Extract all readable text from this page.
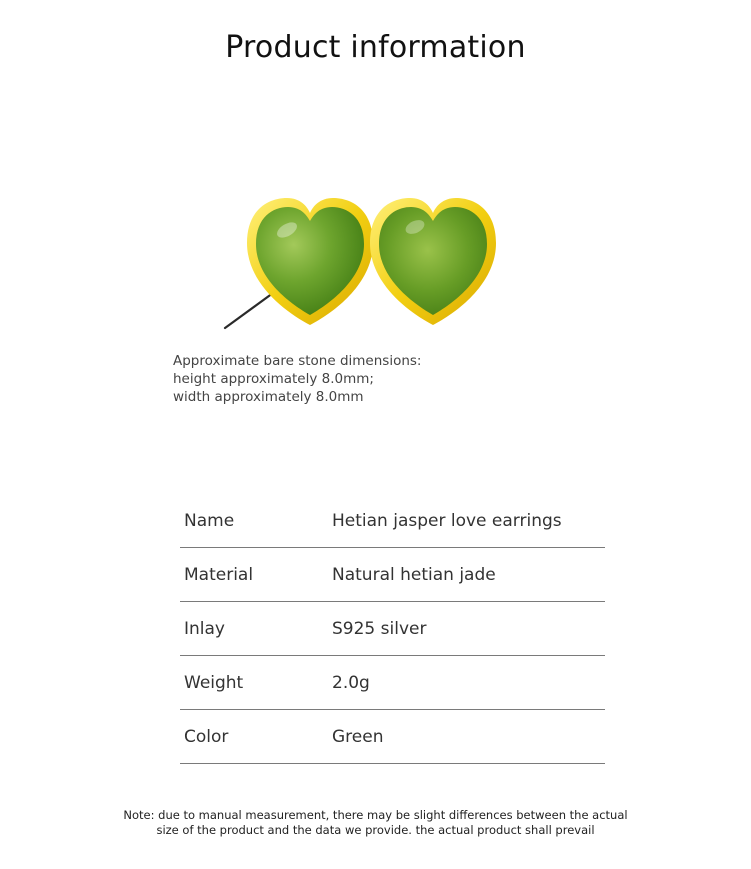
Product information
Approximate bare stone dimensions:
height approximately 8.0mm;
width approximately 8.0mm
Name	Hetian jasper love earrings
Material	Natural hetian jade
Inlay	S925 silver
Weight	2.0g
Color	Green
Note: due to manual measurement, there may be slight differences between the actual
size of the product and the data we provide. the actual product shall prevail
